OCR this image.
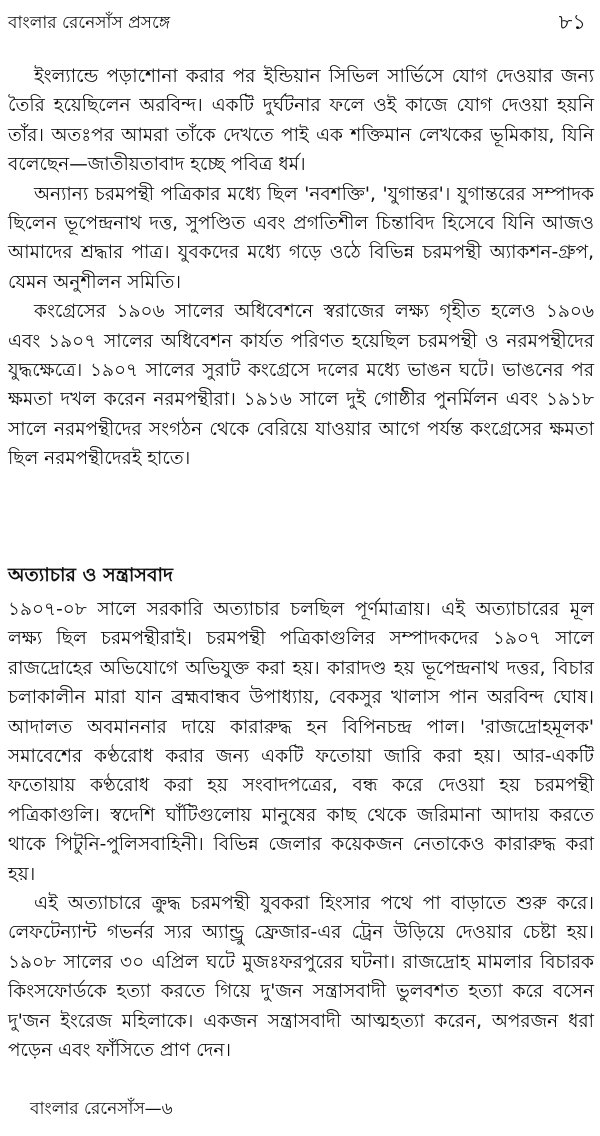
বাংলার রেনেসাঁস প্রসঙ্গে	৮১

ইংল্যান্ডে পড়াশোনা করার পর ইন্ডিয়ান সিভিল সার্ভিসে যোগ দেওয়ার জন্য তৈরি হয়েছিলেন অরবিন্দ। একটি দুর্ঘটনার ফলে ওই কাজে যোগ দেওয়া হয়নি তাঁর। অতঃপর আমরা তাঁকে দেখতে পাই এক শক্তিমান লেখকের ভূমিকায়, যিনি বলেছেন—জাতীয়তাবাদ হচ্ছে পবিত্র ধর্ম।

অন্যান্য চরমপন্থী পত্রিকার মধ্যে ছিল 'নবশক্তি', 'যুগান্তর'। যুগান্তরের সম্পাদক ছিলেন ভূপেন্দ্রনাথ দত্ত, সুপণ্ডিত এবং প্রগতিশীল চিন্তাবিদ হিসেবে যিনি আজও আমাদের শ্রদ্ধার পাত্র। যুবকদের মধ্যে গড়ে ওঠে বিভিন্ন চরমপন্থী অ্যাকশন-গ্রুপ, যেমন অনুশীলন সমিতি।

কংগ্রেসের ১৯০৬ সালের অধিবেশনে স্বরাজের লক্ষ্য গৃহীত হলেও ১৯০৬ এবং ১৯০৭ সালের অধিবেশন কার্যত পরিণত হয়েছিল চরমপন্থী ও নরমপন্থীদের যুদ্ধক্ষেত্রে। ১৯০৭ সালের সুরাট কংগ্রেসে দলের মধ্যে ভাঙন ঘটে। ভাঙনের পর ক্ষমতা দখল করেন নরমপন্থীরা। ১৯১৬ সালে দুই গোষ্ঠীর পুনর্মিলন এবং ১৯১৮ সালে নরমপন্থীদের সংগঠন থেকে বেরিয়ে যাওয়ার আগে পর্যন্ত কংগ্রেসের ক্ষমতা ছিল নরমপন্থীদেরই হাতে।

অত্যাচার ও সন্ত্রাসবাদ

১৯০৭-০৮ সালে সরকারি অত্যাচার চলছিল পূর্ণমাত্রায়। এই অত্যাচারের মূল লক্ষ্য ছিল চরমপন্থীরাই। চরমপন্থী পত্রিকাগুলির সম্পাদকদের ১৯০৭ সালে রাজদ্রোহের অভিযোগে অভিযুক্ত করা হয়। কারাদণ্ড হয় ভূপেন্দ্রনাথ দত্তর, বিচার চলাকালীন মারা যান ব্রহ্মবান্ধব উপাধ্যায়, বেকসুর খালাস পান অরবিন্দ ঘোষ। আদালত অবমাননার দায়ে কারারুদ্ধ হন বিপিনচন্দ্র পাল। 'রাজদ্রোহমূলক' সমাবেশের কণ্ঠরোধ করার জন্য একটি ফতোয়া জারি করা হয়। আর-একটি ফতোয়ায় কণ্ঠরোধ করা হয় সংবাদপত্রের, বন্ধ করে দেওয়া হয় চরমপন্থী পত্রিকাগুলি। স্বদেশি ঘাঁটিগুলোয় মানুষের কাছ থেকে জরিমানা আদায় করতে থাকে পিটুনি-পুলিসবাহিনী। বিভিন্ন জেলার কয়েকজন নেতাকেও কারারুদ্ধ করা হয়।

এই অত্যাচারে ক্রুদ্ধ চরমপন্থী যুবকরা হিংসার পথে পা বাড়াতে শুরু করে। লেফটেন্যান্ট গভর্নর স্যর অ্যান্ড্রু ফ্রেজার-এর ট্রেন উড়িয়ে দেওয়ার চেষ্টা হয়। ১৯০৮ সালের ৩০ এপ্রিল ঘটে মুজঃফরপুরের ঘটনা। রাজদ্রোহ মামলার বিচারক কিংসফোর্ডকে হত্যা করতে গিয়ে দু'জন সন্ত্রাসবাদী ভুলবশত হত্যা করে বসেন দু'জন ইংরেজ মহিলাকে। একজন সন্ত্রাসবাদী আত্মহত্যা করেন, অপরজন ধরা পড়েন এবং ফাঁসিতে প্রাণ দেন।

বাংলার রেনেসাঁস—৬
